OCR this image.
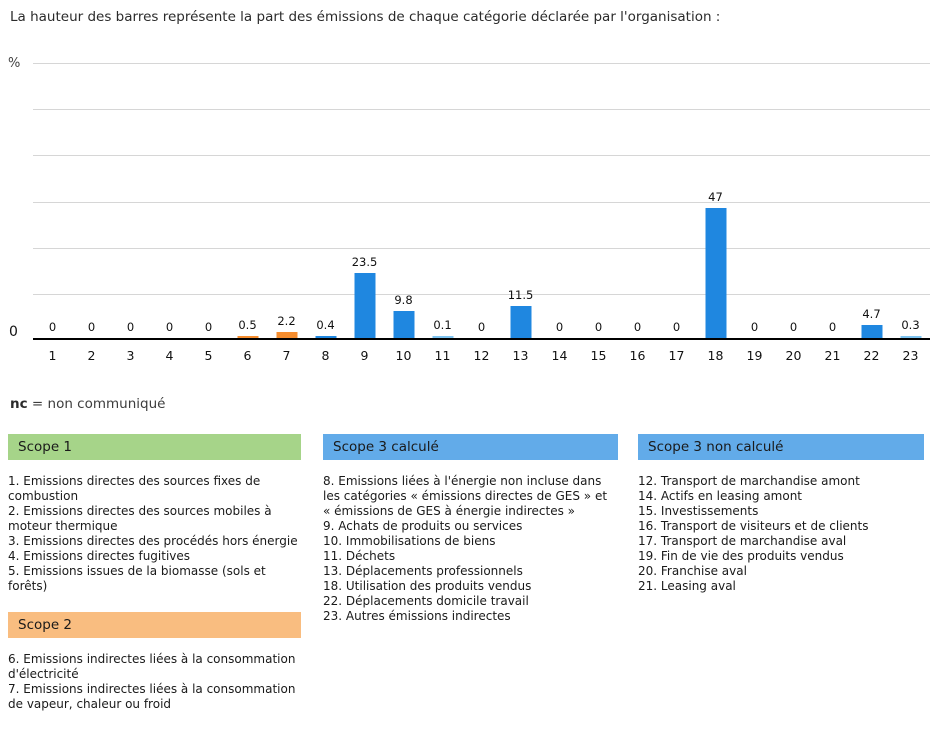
La hauteur des barres représente la part des émissions de chaque catégorie déclarée par l'organisation :
%
0	0	0	0	0	0 0.5 2.2 0.4
23.5
9.8
0.1 0
11.5
0	0	0	0
47
0	0	0
4.7
0.3
1	2	3	4	5	6	7	8	9	10	11	12	13	14	15	16	17	18	19	20	21	22	23
nc = non communiqué
Scope 1
1. Emissions directes des sources fixes de combustion
2. Emissions directes des sources mobiles à moteur thermique
3. Emissions directes des procédés hors énergie
4. Emissions directes fugitives
5. Emissions issues de la biomasse (sols et forêts)
Scope 2
6. Emissions indirectes liées à la consommation d'électricité
7. Emissions indirectes liées à la consommation de vapeur, chaleur ou froid
Scope 3 calculé
8. Emissions liées à l'énergie non incluse dans les catégories « émissions directes de GES » et « émissions de GES à énergie indirectes »
9. Achats de produits ou services
10. Immobilisations de biens
11. Déchets
13. Déplacements professionnels
18. Utilisation des produits vendus
22. Déplacements domicile travail
23. Autres émissions indirectes
Scope 3 non calculé
12. Transport de marchandise amont
14. Actifs en leasing amont
15. Investissements
16. Transport de visiteurs et de clients
17. Transport de marchandise aval
19. Fin de vie des produits vendus
20. Franchise aval
21. Leasing aval
